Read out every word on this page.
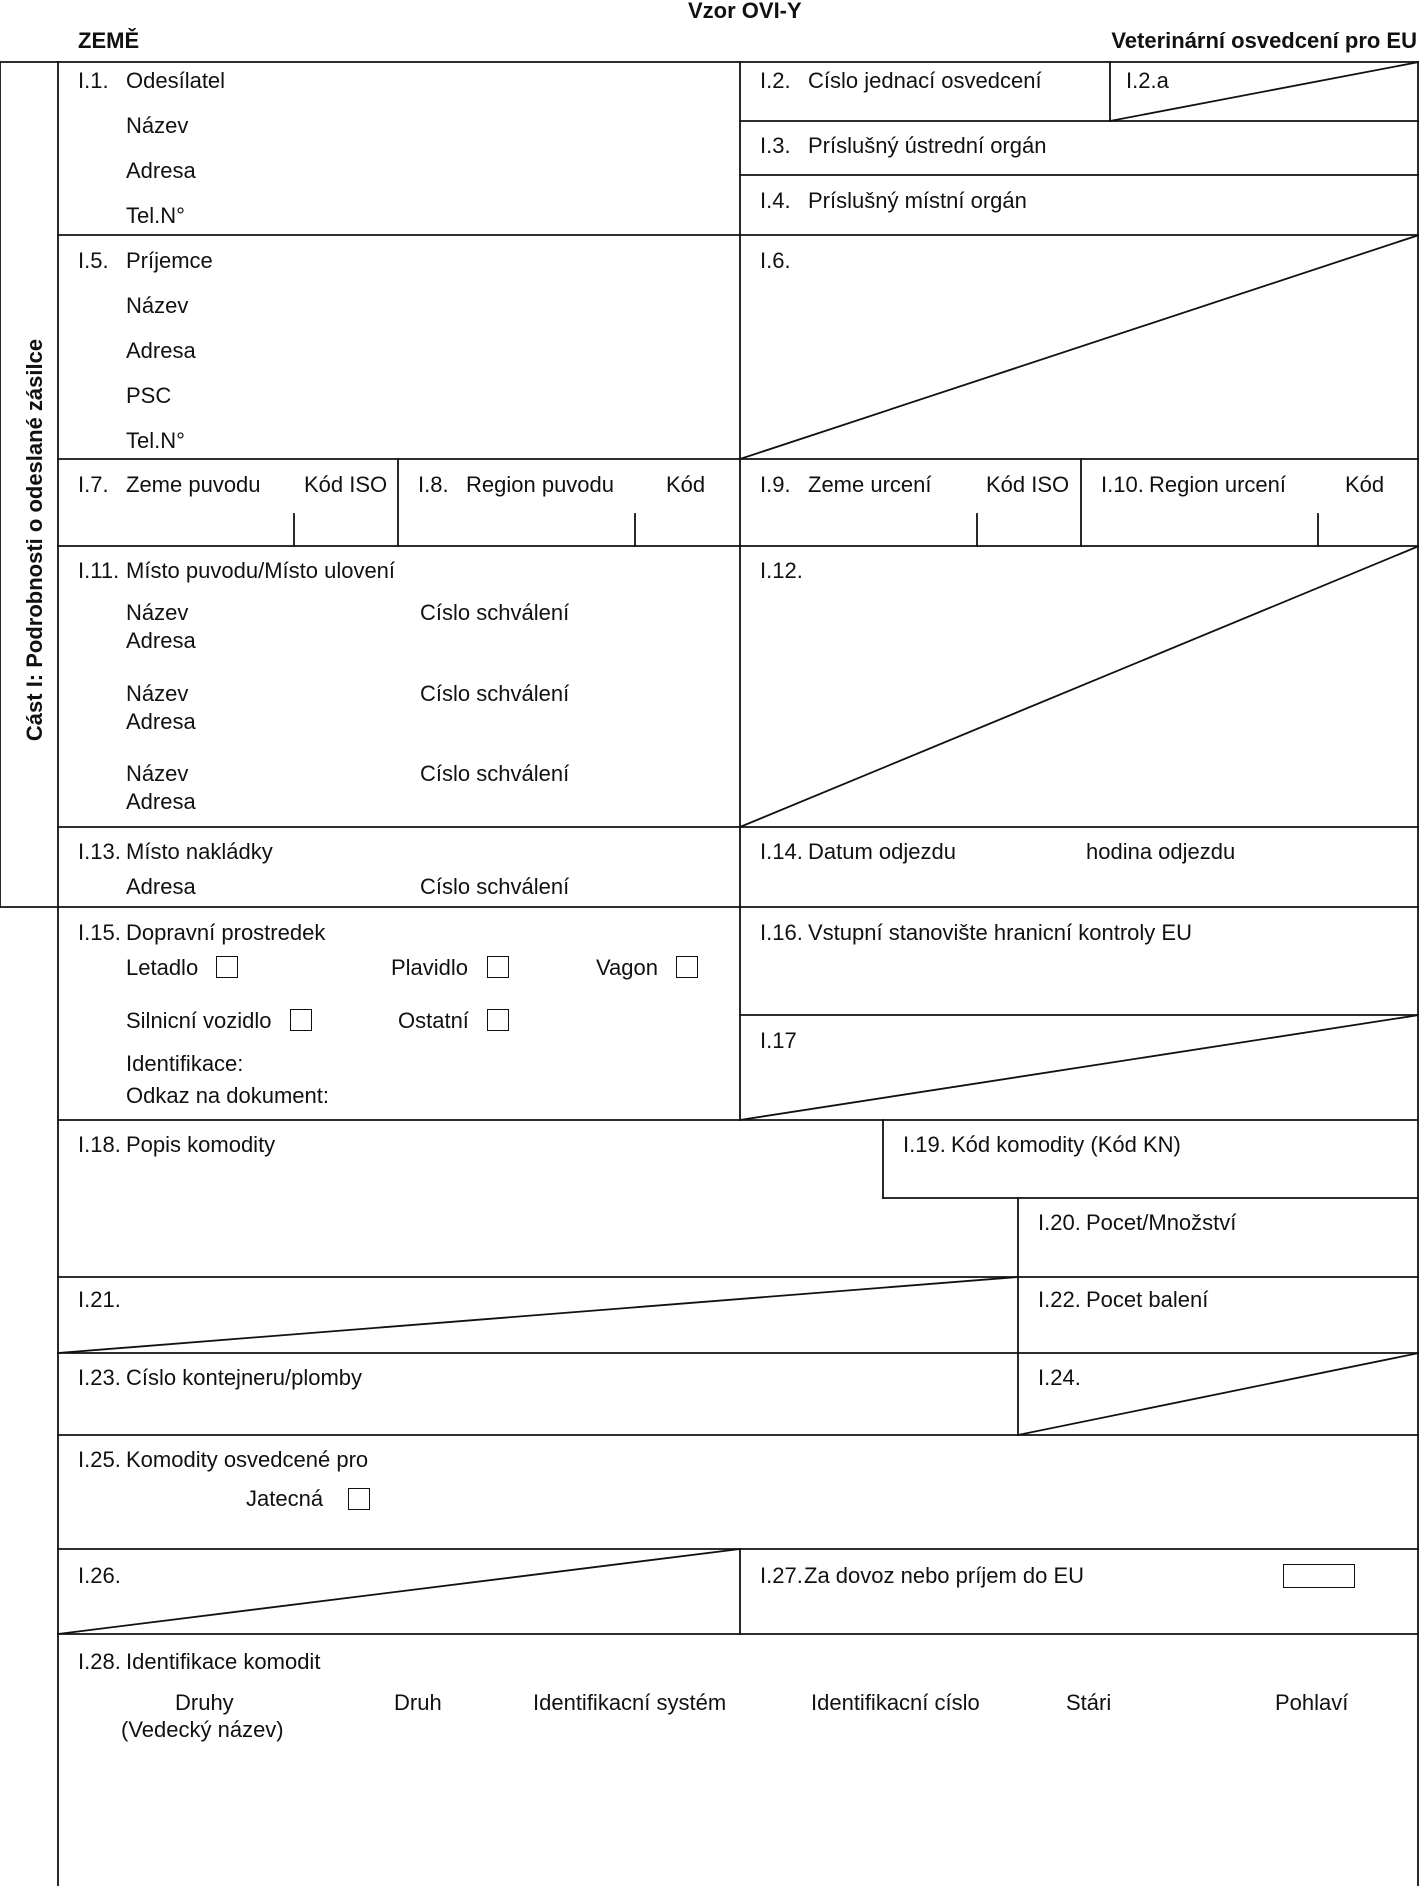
Vzor OVI-Y
ZEMĚ	Veterinární osvedcení pro EU
Cást I: Podrobnosti o odeslané zásilce
I.1. Odesílatel
Název
Adresa
Tel.N°
I.2. Císlo jednací osvedcení	I.2.a
I.3. Príslušný ústrední orgán
I.4. Príslušný místní orgán
I.5. Príjemce
Název
Adresa
PSC
Tel.N°
I.6.
I.7. Zeme puvodu Kód ISO I.8. Region puvodu Kód I.9. Zeme urcení Kód ISO I.10. Region urcení	Kód
I.11. Místo puvodu/Místo ulovení
Název	Císlo schválení
Adresa
Název	Císlo schválení
Adresa
Název	Císlo schválení
Adresa
I.12.
I.13. Místo nakládky
Adresa	Císlo schválení
I.14. Datum odjezdu	hodina odjezdu
I.15. Dopravní prostredek
Letadlo	Plavidlo	Vagon
Silnicní vozidlo	Ostatní
Identifikace:
Odkaz na dokument:
I.16. Vstupní stanovište hranicní kontroly EU
I.17
I.18. Popis komodity	I.19. Kód komodity (Kód KN)
I.20. Pocet/Množství
I.21.	I.22. Pocet balení
I.23. Císlo kontejneru/plomby	I.24.
I.25. Komodity osvedcené pro
Jatecná
I.26.	I.27. Za dovoz nebo príjem do EU
I.28. Identifikace komodit
Druhy
(Vedecký název)
Druh	Identifikacní systém	Identifikacní císlo	Stári	Pohlaví
